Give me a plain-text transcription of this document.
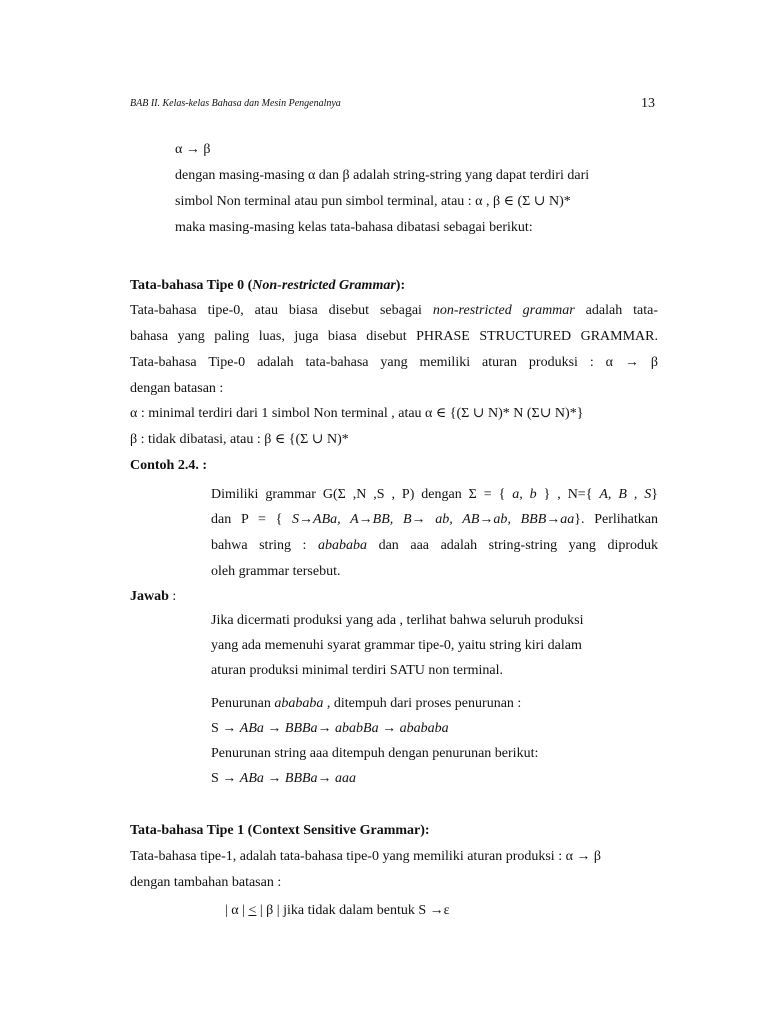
BAB II. Kelas-kelas Bahasa dan Mesin Pengenalnya	13
α → β
dengan masing-masing α dan β adalah string-string yang dapat terdiri dari
simbol Non terminal atau pun simbol terminal, atau : α , β ∈ (Σ ∪ N)*
maka masing-masing kelas tata-bahasa dibatasi sebagai berikut:
Tata-bahasa Tipe 0 (Non-restricted Grammar):
Tata-bahasa tipe-0, atau biasa disebut sebagai non-restricted grammar adalah tata-
bahasa yang paling luas, juga biasa disebut PHRASE STRUCTURED GRAMMAR.
Tata-bahasa Tipe-0 adalah tata-bahasa yang memiliki aturan produksi : α → β
dengan batasan :
α : minimal terdiri dari 1 simbol Non terminal , atau α ∈ {(Σ ∪ N)* N (Σ∪ N)*}
β : tidak dibatasi, atau : β ∈ {(Σ ∪ N)*
Contoh 2.4. :
Dimiliki grammar G(Σ ,N ,S , P) dengan Σ = { a, b } , N={ A, B , S}
dan P = { S→ABa, A→BB, B→ ab, AB→ab, BBB→aa}. Perlihatkan
bahwa string : abababa dan aaa adalah string-string yang diproduk
oleh grammar tersebut.
Jawab :
Jika dicermati produksi yang ada , terlihat bahwa seluruh produksi
yang ada memenuhi syarat grammar tipe-0, yaitu string kiri dalam
aturan produksi minimal terdiri SATU non terminal.
Penurunan abababa , ditempuh dari proses penurunan :
S → ABa → BBBa→ ababBa → abababa
Penurunan string aaa ditempuh dengan penurunan berikut:
S → ABa → BBBa→ aaa
Tata-bahasa Tipe 1 (Context Sensitive Grammar):
Tata-bahasa tipe-1, adalah tata-bahasa tipe-0 yang memiliki aturan produksi : α → β
dengan tambahan batasan :
| α | < | β | jika tidak dalam bentuk S →ε
